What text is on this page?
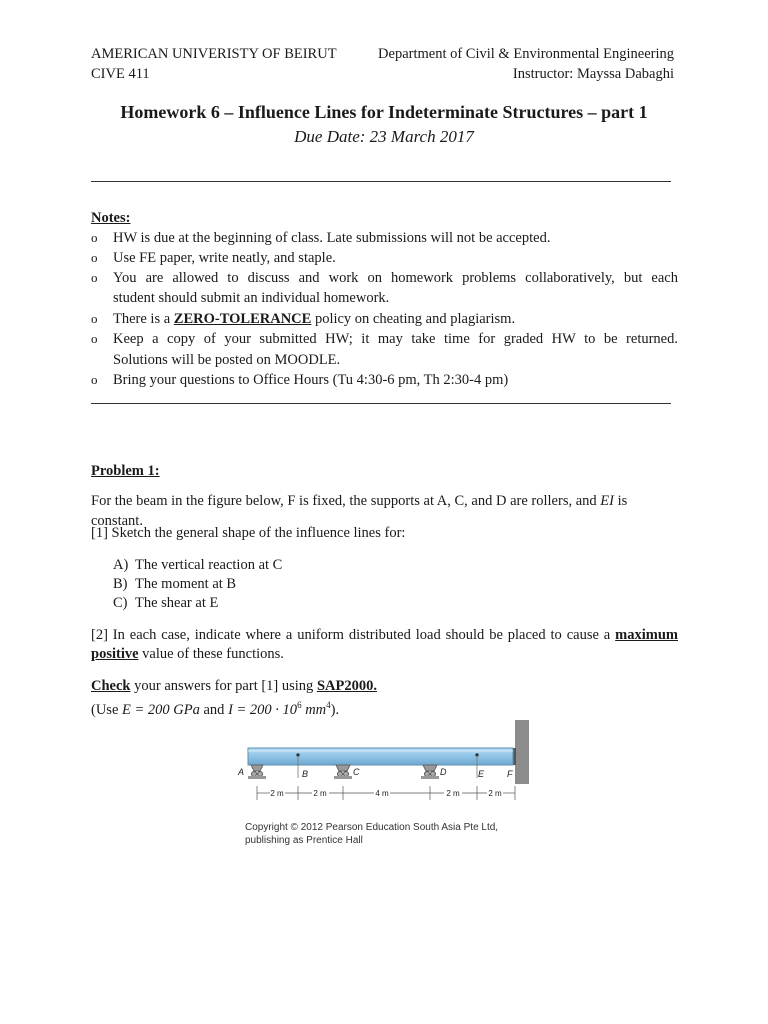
AMERICAN UNIVERISTY OF BEIRUT
CIVE 411
Department of Civil & Environmental Engineering
Instructor: Mayssa Dabaghi
Homework 6 – Influence Lines for Indeterminate Structures – part 1
Due Date: 23 March 2017
Notes:
o HW is due at the beginning of class. Late submissions will not be accepted.
o Use FE paper, write neatly, and staple.
o You are allowed to discuss and work on homework problems collaboratively, but each
student should submit an individual homework.
o There is a ZERO-TOLERANCE policy on cheating and plagiarism.
o Keep a copy of your submitted HW; it may take time for graded HW to be returned.
Solutions will be posted on MOODLE.
o Bring your questions to Office Hours (Tu 4:30-6 pm, Th 2:30-4 pm)
Problem 1:
For the beam in the figure below, F is fixed, the supports at A, C, and D are rollers, and EI is constant.
[1] Sketch the general shape of the influence lines for:
A) The vertical reaction at C
B) The moment at B
C) The shear at E
[2] In each case, indicate where a uniform distributed load should be placed to cause a maximum
positive value of these functions.
Check your answers for part [1] using SAP2000.
(Use E = 200 GPa and $I = 200 \cdot 10^6$ $mm^4$).
A	B	C	D	E	F
2 m	2 m	4 m	2 m	2 m
Copyright © 2012 Pearson Education South Asia Pte Ltd,
publishing as Prentice Hall
